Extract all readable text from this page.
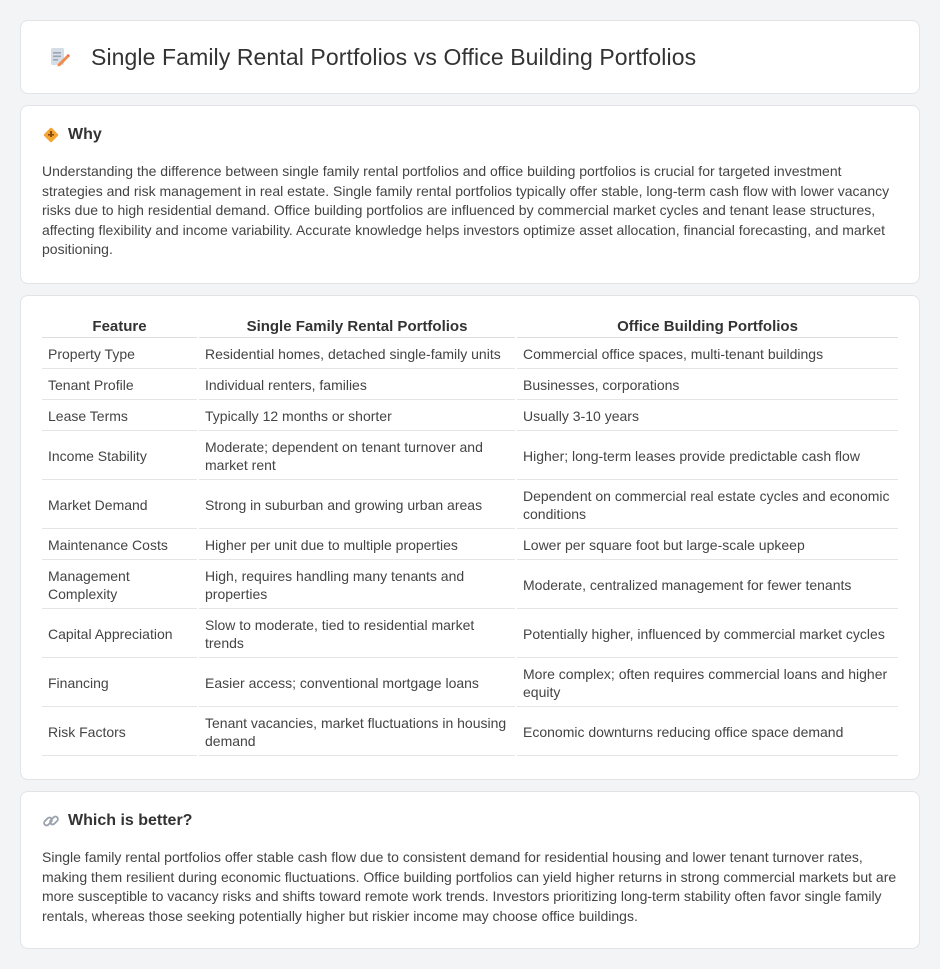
Single Family Rental Portfolios vs Office Building Portfolios
Why

Understanding the difference between single family rental portfolios and office building portfolios is crucial for targeted investment strategies and risk management in real estate. Single family rental portfolios typically offer stable, long-term cash flow with lower vacancy risks due to high residential demand. Office building portfolios are influenced by commercial market cycles and tenant lease structures, affecting flexibility and income variability. Accurate knowledge helps investors optimize asset allocation, financial forecasting, and market positioning.

Feature	Single Family Rental Portfolios	Office Building Portfolios
Property Type	Residential homes, detached single-family units	Commercial office spaces, multi-tenant buildings
Tenant Profile	Individual renters, families	Businesses, corporations
Lease Terms	Typically 12 months or shorter	Usually 3-10 years
Income Stability	Moderate; dependent on tenant turnover and market rent	Higher; long-term leases provide predictable cash flow
Market Demand	Strong in suburban and growing urban areas	Dependent on commercial real estate cycles and economic conditions
Maintenance Costs	Higher per unit due to multiple properties	Lower per square foot but large-scale upkeep
Management Complexity	High, requires handling many tenants and properties	Moderate, centralized management for fewer tenants
Capital Appreciation	Slow to moderate, tied to residential market trends	Potentially higher, influenced by commercial market cycles
Financing	Easier access; conventional mortgage loans	More complex; often requires commercial loans and higher equity
Risk Factors	Tenant vacancies, market fluctuations in housing demand	Economic downturns reducing office space demand
Which is better?

Single family rental portfolios offer stable cash flow due to consistent demand for residential housing and lower tenant turnover rates, making them resilient during economic fluctuations. Office building portfolios can yield higher returns in strong commercial markets but are more susceptible to vacancy risks and shifts toward remote work trends. Investors prioritizing long-term stability often favor single family rentals, whereas those seeking potentially higher but riskier income may choose office buildings.
